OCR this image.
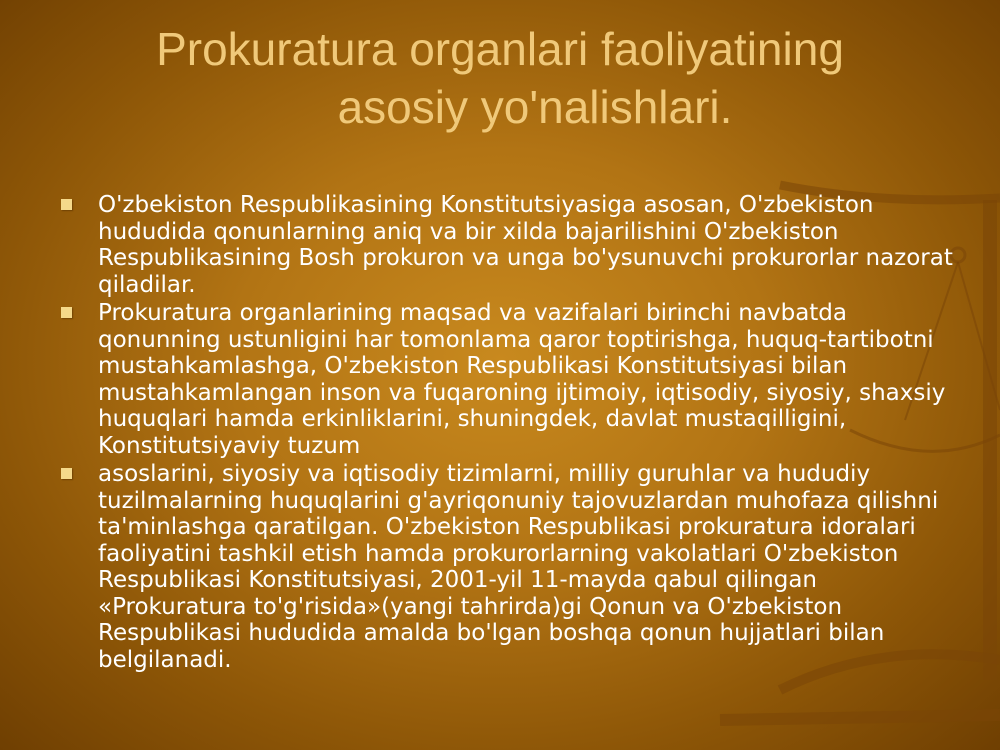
Prokuratura organlari faoliyatining
asosiy yo'nalishlari.
O'zbekiston Respublikasining Konstitutsiyasiga asosan, O'zbekiston hududida qonunlarning aniq va bir xilda bajarilishini O'zbekiston Respublikasining Bosh prokuron va unga bo'ysunuvchi prokurorlar nazorat qiladilar.
Prokuratura organlarining maqsad va vazifalari birinchi navbatda qonunning ustunligini har tomonlama qaror toptirishga, huquq-tartibotni mustahkamlashga, O'zbekiston Respublikasi Konstitutsiyasi bilan mustahkamlangan inson va fuqaroning ijtimoiy, iqtisodiy, siyosiy, shaxsiy huquqlari hamda erkinliklarini, shuningdek, davlat mustaqilligini, Konstitutsiyaviy tuzum
asoslarini, siyosiy va iqtisodiy tizimlarni, milliy guruhlar va hududiy tuzilmalarning huquqlarini g'ayriqonuniy tajovuzlardan muhofaza qilishni ta'minlashga qaratilgan. O'zbekiston Respublikasi prokuratura idoralari faoliyatini tashkil etish hamda prokurorlarning vakolatlari O'zbekiston Respublikasi Konstitutsiyasi, 2001-yil 11-mayda qabul qilingan «Prokuratura to'g'risida»(yangi tahrirda)gi Qonun va O'zbekiston Respublikasi hududida amalda bo'lgan boshqa qonun hujjatlari bilan belgilanadi.
